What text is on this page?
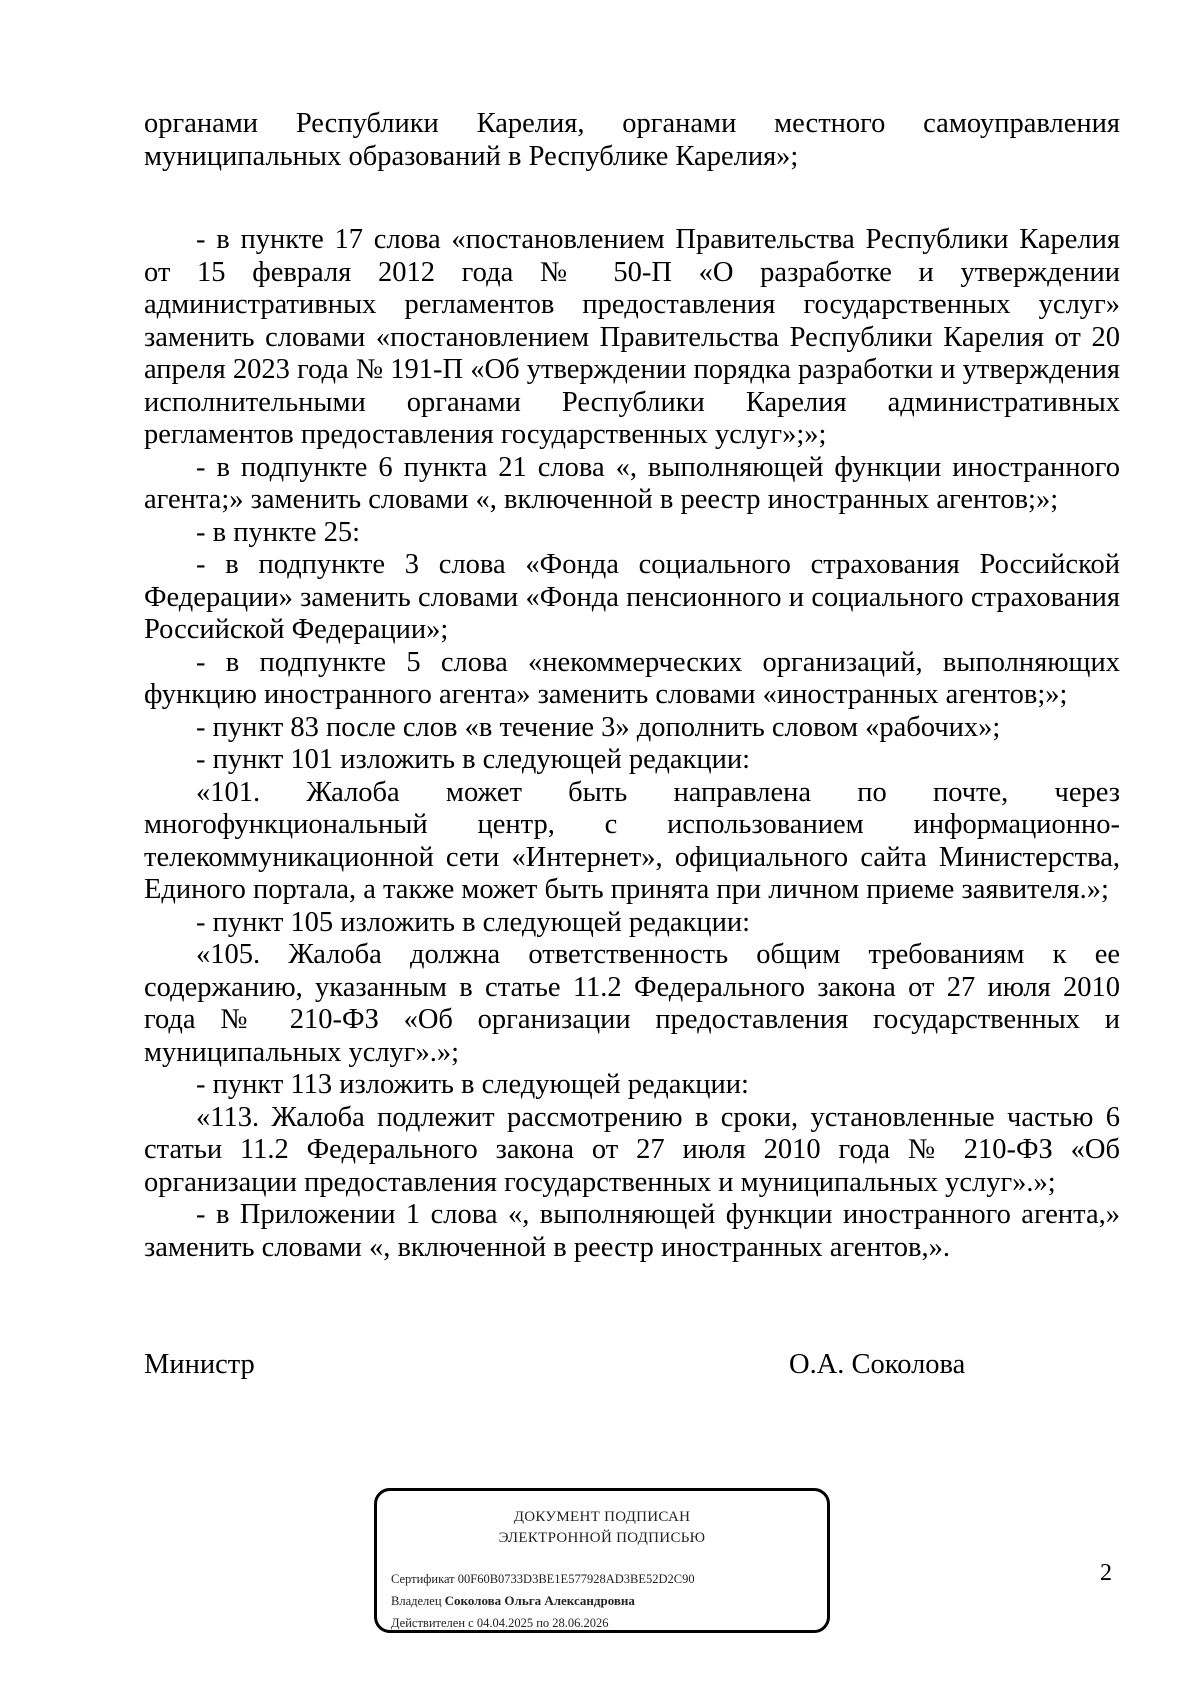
органами Республики Карелия, органами местного самоуправления муниципальных образований в Республике Карелия»;

- в пункте 17 слова «постановлением Правительства Республики Карелия от 15 февраля 2012 года № 50-П «О разработке и утверждении административных регламентов предоставления государственных услуг» заменить словами «постановлением Правительства Республики Карелия от 20 апреля 2023 года № 191-П «Об утверждении порядка разработки и утверждения исполнительными органами Республики Карелия административных регламентов предоставления государственных услуг»;»;

- в подпункте 6 пункта 21 слова «, выполняющей функции иностранного агента;» заменить словами «, включенной в реестр иностранных агентов;»;

- в пункте 25:

- в подпункте 3 слова «Фонда социального страхования Российской Федерации» заменить словами «Фонда пенсионного и социального страхования Российской Федерации»;

- в подпункте 5 слова «некоммерческих организаций, выполняющих функцию иностранного агента» заменить словами «иностранных агентов;»;

- пункт 83 после слов «в течение 3» дополнить словом «рабочих»;

- пункт 101 изложить в следующей редакции:

«101. Жалоба может быть направлена по почте, через многофункциональный центр, с использованием информационно-телекоммуникационной сети «Интернет», официального сайта Министерства, Единого портала, а также может быть принята при личном приеме заявителя.»;

- пункт 105 изложить в следующей редакции:

«105. Жалоба должна ответственность общим требованиям к ее содержанию, указанным в статье 11.2 Федерального закона от 27 июля 2010 года № 210-ФЗ «Об организации предоставления государственных и муниципальных услуг».»;

- пункт 113 изложить в следующей редакции:

«113. Жалоба подлежит рассмотрению в сроки, установленные частью 6 статьи 11.2 Федерального закона от 27 июля 2010 года № 210-ФЗ «Об организации предоставления государственных и муниципальных услуг».»;

- в Приложении 1 слова «, выполняющей функции иностранного агента,» заменить словами «, включенной в реестр иностранных агентов,».

Министр	О.А. Соколова
ДОКУМЕНТ ПОДПИСАН
ЭЛЕКТРОННОЙ ПОДПИСЬЮ
Сертификат 00F60B0733D3BE1E577928AD3BE52D2C90
Владелец Соколова Ольга Александровна
Действителен с 04.04.2025 по 28.06.2026
2
